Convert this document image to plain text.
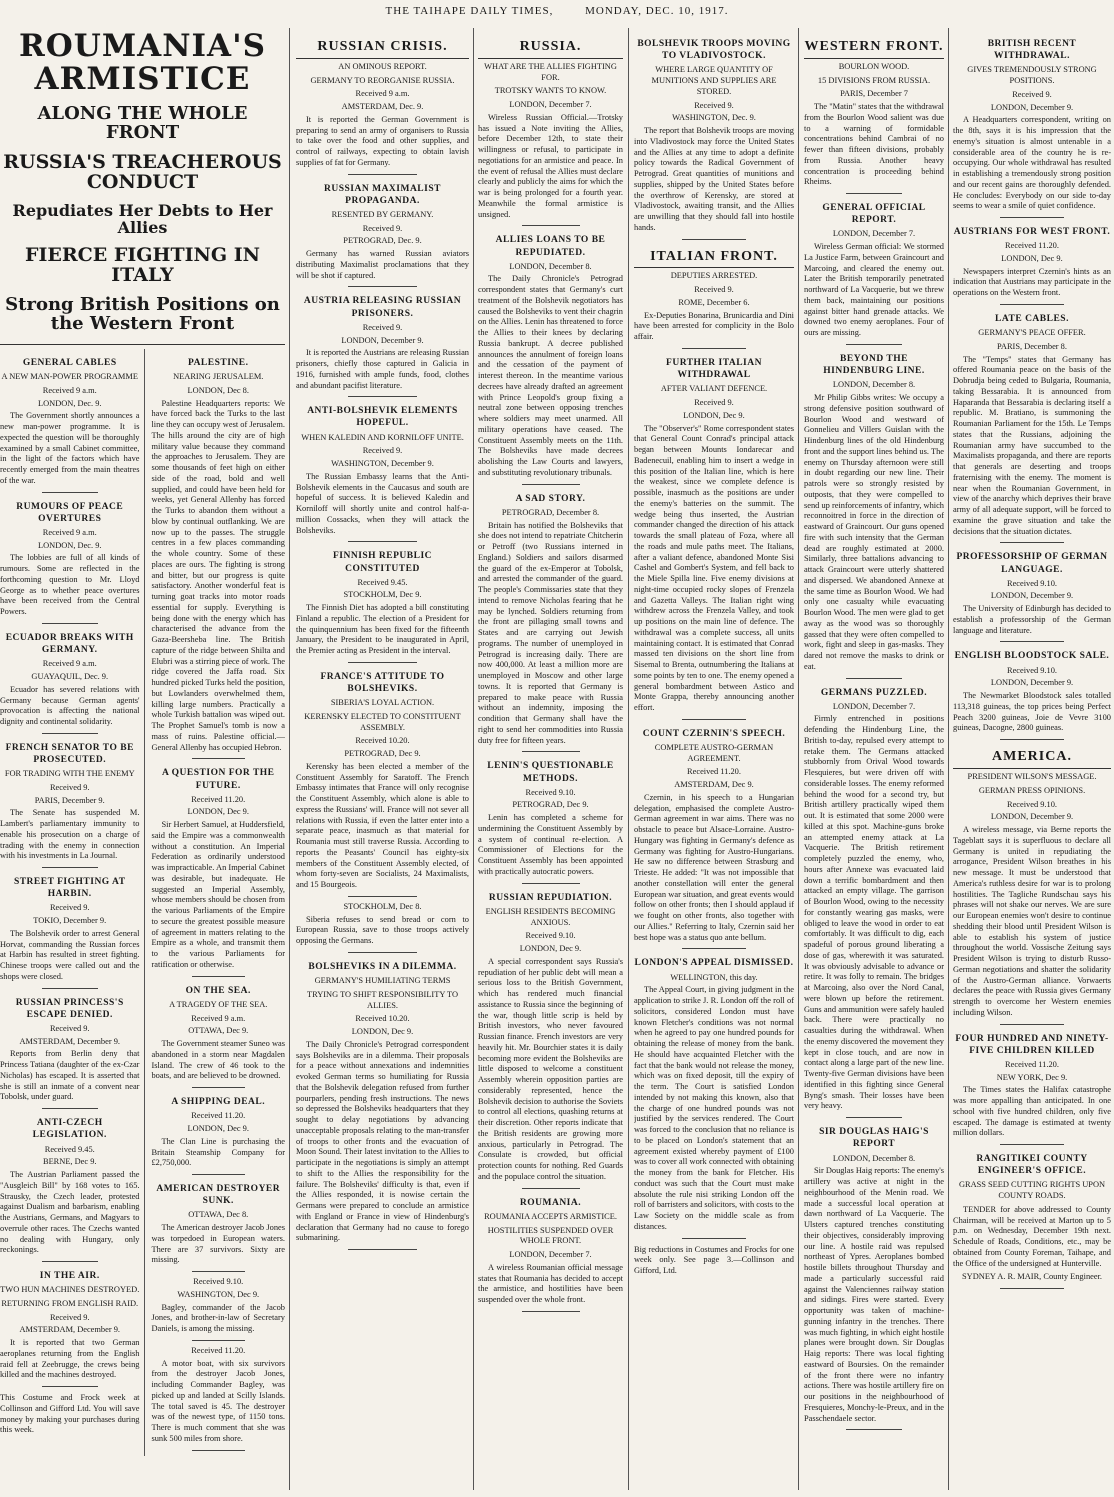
THE TAIHAPE DAILY TIMES,	MONDAY, DEC. 10, 1917.
ROUMANIA'S ARMISTICE
ALONG THE WHOLE FRONT
RUSSIA'S TREACHEROUS CONDUCT
Repudiates Her Debts to Her Allies
FIERCE FIGHTING IN ITALY
Strong British Positions on the Western Front
GENERAL CABLES
A NEW MAN-POWER PROGRAMME
Received 9 a.m.
LONDON, Dec. 9.

The Government shortly announces a new man-power programme. It is expected the question will be thoroughly examined by a small Cabinet committee, in the light of the factors which have recently emerged from the main theatres of the war.

RUMOURS OF PEACE OVERTURES
Received 9 a.m.
LONDON, Dec. 9.

The lobbies are full of all kinds of rumours. Some are reflected in the forthcoming question to Mr. Lloyd George as to whether peace overtures have been received from the Central Powers.

ECUADOR BREAKS WITH GERMANY.
Received 9 a.m.
GUAYAQUIL, Dec. 9.

Ecuador has severed relations with Germany because German agents' provocation is affecting the national dignity and continental solidarity.

FRENCH SENATOR TO BE PROSECUTED.
FOR TRADING WITH THE ENEMY
Received 9.
PARIS, December 9.

The Senate has suspended M. Lambert's parliamentary immunity to enable his prosecution on a charge of trading with the enemy in connection with his investments in La Journal.

STREET FIGHTING AT HARBIN.
Received 9.
TOKIO, December 9.

The Bolshevik order to arrest General Horvat, commanding the Russian forces at Harbin has resulted in street fighting. Chinese troops were called out and the shops were closed.

RUSSIAN PRINCESS'S ESCAPE DENIED.
Received 9.
AMSTERDAM, December 9.

Reports from Berlin deny that Princess Tatiana (daughter of the ex-Czar Nicholas) has escaped. It is asserted that she is still an inmate of a convent near Tobolsk, under guard.

ANTI-CZECH LEGISLATION.
Received 9.45.
BERNE, Dec 9.

The Austrian Parliament passed the "Ausgleich Bill" by 168 votes to 165. Strausky, the Czech leader, protested against Dualism and barbarism, enabling the Austrians, Germans, and Magyars to overrule other races. The Czechs wanted no dealing with Hungary, only reckonings.

IN THE AIR.
TWO HUN MACHINES DESTROYED.
RETURNING FROM ENGLISH RAID.
Received 9.
AMSTERDAM, December 9.

It is reported that two German aeroplanes returning from the English raid fell at Zeebrugge, the crews being killed and the machines destroyed.

This Costume and Frock week at Collinson and Gifford Ltd. You will save money by making your purchases during this week.
PALESTINE.
NEARING JERUSALEM.
LONDON, Dec 8.

Palestine Headquarters reports: We have forced back the Turks to the last line they can occupy west of Jerusalem. The hills around the city are of high military value because they command the approaches to Jerusalem. They are some thousands of feet high on either side of the road, bold and well supplied, and could have been held for weeks, yet General Allenby has forced the Turks to abandon them without a blow by continual outflanking. We are now up to the passes. The struggle centres in a few places commanding the whole country. Some of these places are ours. The fighting is strong and bitter, but our progress is quite satisfactory. Another wonderful feat is turning goat tracks into motor roads essential for supply. Everything is being done with the energy which has characterised the advance from the Gaza-Beersheba line. The British capture of the ridge between Shilta and Elubri was a stirring piece of work. The ridge covered the Jaffa road. Six hundred picked Turks held the position, but Lowlanders overwhelmed them, killing large numbers. Practically a whole Turkish battalion was wiped out. The Prophet Samuel's tomb is now a mass of ruins. Palestine official.—General Allenby has occupied Hebron.

A QUESTION FOR THE FUTURE.
Received 11.20.
LONDON, Dec 9.

Sir Herbert Samuel, at Huddersfield, said the Empire was a commonwealth without a constitution. An Imperial Federation as ordinarily understood was impracticable. An Imperial Cabinet was desirable, but inadequate. He suggested an Imperial Assembly, whose members should be chosen from the various Parliaments of the Empire to secure the greatest possible measure of agreement in matters relating to the Empire as a whole, and transmit them to the various Parliaments for ratification or otherwise.

ON THE SEA.
A TRAGEDY OF THE SEA.
Received 9 a.m.
OTTAWA, Dec 9.

The Government steamer Suneo was abandoned in a storm near Magdalen Island. The crew of 46 took to the boats, and are believed to be drowned.

A SHIPPING DEAL.
Received 11.20.
LONDON, Dec 9.

The Clan Line is purchasing the Britain Steamship Company for £2,750,000.

AMERICAN DESTROYER SUNK.
OTTAWA, Dec 8.

The American destroyer Jacob Jones was torpedoed in European waters. There are 37 survivors. Sixty are missing.

Received 9.10.
WASHINGTON, Dec 9.

Bagley, commander of the Jacob Jones, and brother-in-law of Secretary Daniels, is among the missing.

Received 11.20.

A motor boat, with six survivors from the destroyer Jacob Jones, including Commander Bagley, was picked up and landed at Scilly Islands. The total saved is 45. The destroyer was of the newest type, of 1150 tons. There is much comment that she was sunk 500 miles from shore.

RUSSIAN CRISIS.
AN OMINOUS REPORT.
GERMANY TO REORGANISE RUSSIA.
Received 9 a.m.
AMSTERDAM, Dec. 9.

It is reported the German Government is preparing to send an army of organisers to Russia to take over the food and other supplies, and control of railways, expecting to obtain lavish supplies of fat for Germany.

RUSSIAN MAXIMALIST PROPAGANDA.
RESENTED BY GERMANY.
Received 9.
PETROGRAD, Dec. 9.

Germany has warned Russian aviators distributing Maximalist proclamations that they will be shot if captured.

AUSTRIA RELEASING RUSSIAN PRISONERS.
Received 9.
LONDON, December 9.

It is reported the Austrians are releasing Russian prisoners, chiefly those captured in Galicia in 1916, furnished with ample funds, food, clothes and abundant pacifist literature.

ANTI-BOLSHEVIK ELEMENTS HOPEFUL.
WHEN KALEDIN AND KORNILOFF UNITE.
Received 9.
WASHINGTON, December 9.

The Russian Embassy learns that the Anti-Bolshevik elements in the Caucasus and south are hopeful of success. It is believed Kaledin and Korniloff will shortly unite and control half-a-million Cossacks, when they will attack the Bolsheviks.

FINNISH REPUBLIC CONSTITUTED
Received 9.45.
STOCKHOLM, Dec 9.

The Finnish Diet has adopted a bill constituting Finland a republic. The election of a President for the quinquennium has been fixed for the fifteenth January, the President to be inaugurated in April, the Premier acting as President in the interval.

FRANCE'S ATTITUDE TO BOLSHEVIKS.
SIBERIA'S LOYAL ACTION.
KERENSKY ELECTED TO CONSTITUENT ASSEMBLY.
Received 10.20.
PETROGRAD, Dec 9.

Kerensky has been elected a member of the Constituent Assembly for Saratoff. The French Embassy intimates that France will only recognise the Constituent Assembly, which alone is able to express the Russians' will. France will not sever all relations with Russia, if even the latter enter into a separate peace, inasmuch as that material for Roumania must still traverse Russia. According to reports the Peasants' Council has eighty-six members of the Constituent Assembly elected, of whom forty-seven are Socialists, 24 Maximalists, and 15 Bourgeois.

STOCKHOLM, Dec 8.

Siberia refuses to send bread or corn to European Russia, save to those troops actively opposing the Germans.

BOLSHEVIKS IN A DILEMMA.
GERMANY'S HUMILIATING TERMS
TRYING TO SHIFT RESPONSIBILITY TO ALLIES.
Received 10.20.
LONDON, Dec 9.

The Daily Chronicle's Petrograd correspondent says Bolsheviks are in a dilemma. Their proposals for a peace without annexations and indemnities evoked German terms so humiliating for Russia that the Bolshevik delegation refused from further pourparlers, pending fresh instructions. The news so depressed the Bolsheviks headquarters that they sought to delay negotiations by advancing unacceptable proposals relating to the man-transfer of troops to other fronts and the evacuation of Moon Sound. Their latest invitation to the Allies to participate in the negotiations is simply an attempt to shift to the Allies the responsibility for the failure. The Bolsheviks' difficulty is that, even if the Allies responded, it is nowise certain the Germans were prepared to conclude an armistice with England or France in view of Hindenburg's declaration that Germany had no cause to forego submarining.

RUSSIA.
WHAT ARE THE ALLIES FIGHTING FOR.
TROTSKY WANTS TO KNOW.
LONDON, December 7.

Wireless Russian Official.—Trotsky has issued a Note inviting the Allies, before December 12th, to state their willingness or refusal, to participate in negotiations for an armistice and peace. In the event of refusal the Allies must declare clearly and publicly the aims for which the war is being prolonged for a fourth year. Meanwhile the formal armistice is unsigned.

ALLIES LOANS TO BE REPUDIATED.
LONDON, December 8.

The Daily Chronicle's Petrograd correspondent states that Germany's curt treatment of the Bolshevik negotiators has caused the Bolsheviks to vent their chagrin on the Allies. Lenin has threatened to force the Allies to their knees by declaring Russia bankrupt. A decree published announces the annulment of foreign loans and the cessation of the payment of interest thereon. In the meantime various decrees have already drafted an agreement with Prince Leopold's group fixing a neutral zone between opposing trenches where soldiers may meet unarmed. All military operations have ceased. The Constituent Assembly meets on the 11th. The Bolsheviks have made decrees abolishing the Law Courts and lawyers, and substituting revolutionary tribunals.

A SAD STORY.
PETROGRAD, December 8.

Britain has notified the Bolsheviks that she does not intend to repatriate Chitcherin or Petroff (two Russians interned in England.) Soldiers and sailors disarmed the guard of the ex-Emperor at Tobolsk, and arrested the commander of the guard. The people's Commissaries state that they intend to remove Nicholas fearing that he may be lynched. Soldiers returning from the front are pillaging small towns and States and are carrying out Jewish programs. The number of unemployed in Petrograd is increasing daily. There are now 400,000. At least a million more are unemployed in Moscow and other large towns. It is reported that Germany is prepared to make peace with Russia without an indemnity, imposing the condition that Germany shall have the right to send her commodities into Russia duty free for fifteen years.

LENIN'S QUESTIONABLE METHODS.
Received 9.10.
PETROGRAD, Dec 9.

Lenin has completed a scheme for undermining the Constituent Assembly by a system of continual re-election. A Commissioner of Elections for the Constituent Assembly has been appointed with practically autocratic powers.

RUSSIAN REPUDIATION.
ENGLISH RESIDENTS BECOMING ANXIOUS.
Received 9.10.
LONDON, Dec 9.

A special correspondent says Russia's repudiation of her public debt will mean a serious loss to the British Government, which has rendered much financial assistance to Russia since the beginning of the war, though little scrip is held by British investors, who never favoured Russian finance. French investors are very heavily hit. Mr. Bourchier states it is daily becoming more evident the Bolsheviks are little disposed to welcome a constituent Assembly wherein opposition parties are considerably represented, hence the Bolshevik decision to authorise the Soviets to control all elections, quashing returns at their discretion. Other reports indicate that the British residents are growing more anxious, particularly in Petrograd. The Consulate is crowded, but official protection counts for nothing. Red Guards and the populace control the situation.

ROUMANIA.
ROUMANIA ACCEPTS ARMISTICE.
HOSTILITIES SUSPENDED OVER WHOLE FRONT.
LONDON, December 7.

A wireless Roumanian official message states that Roumania has decided to accept the armistice, and hostilities have been suspended over the whole front.

BOLSHEVIK TROOPS MOVING TO VLADIVOSTOCK.
WHERE LARGE QUANTITY OF MUNITIONS AND SUPPLIES ARE STORED.
Received 9.
WASHINGTON, Dec. 9.

The report that Bolshevik troops are moving into Vladivostock may force the United States and the Allies at any time to adopt a definite policy towards the Radical Government of Petrograd. Great quantities of munitions and supplies, shipped by the United States before the overthrow of Kerensky, are stored at Vladivostock, awaiting transit, and the Allies are unwilling that they should fall into hostile hands.

ITALIAN FRONT.
DEPUTIES ARRESTED.
Received 9.
ROME, December 6.

Ex-Deputies Bonarina, Brunicardia and Dini have been arrested for complicity in the Bolo affair.

FURTHER ITALIAN WITHDRAWAL
AFTER VALIANT DEFENCE.
Received 9.
LONDON, Dec 9.

The "Observer's" Rome correspondent states that General Count Conrad's principal attack began between Mounts Iondarecar and Badenecuil, enabling him to insert a wedge in this position of the Italian line, which is here the weakest, since we complete defence is possible, inasmuch as the positions are under the enemy's batteries on the summit. The wedge being thus inserted, the Austrian commander changed the direction of his attack towards the small plateau of Foza, where all the roads and mule paths meet. The Italians, after a valiant defence, abandoned Monte Sisi Cashel and Gombert's System, and fell back to the Miele Spilla line. Five enemy divisions at night-time occupied rocky slopes of Frenzela and Gazetta Valleys. The Italian right wing withdrew across the Frenzela Valley, and took up positions on the main line of defence. The withdrawal was a complete success, all units maintaining contact. It is estimated that Conrad massed ten divisions on the short line from Sisemal to Brenta, outnumbering the Italians at some points by ten to one. The enemy opened a general bombardment between Astico and Monte Grappa, thereby announcing another effort.

COUNT CZERNIN'S SPEECH.
COMPLETE AUSTRO-GERMAN AGREEMENT.
Received 11.20.
AMSTERDAM, Dec 9.

Czernin, in his speech to a Hungarian delegation, emphasised the complete Austro-German agreement in war aims. There was no obstacle to peace but Alsace-Lorraine. Austro-Hungary was fighting in Germany's defence as Germany was fighting for Austro-Hungarians. He saw no difference between Strasburg and Trieste. He added: "It was not impossible that another constellation will enter the general European war situation, and great events would follow on other fronts; then I should applaud if we fought on other fronts, also together with our Allies." Referring to Italy, Czernin said her best hope was a status quo ante bellum.

LONDON'S APPEAL DISMISSED.
WELLINGTON, this day.

The Appeal Court, in giving judgment in the application to strike J. R. London off the roll of solicitors, considered London must have known Fletcher's conditions was not normal when he agreed to pay one hundred pounds for obtaining the release of money from the bank. He should have acquainted Fletcher with the fact that the bank would not release the money, which was on fixed deposit, till the expiry of the term. The Court is satisfied London intended by not making this known, also that the charge of one hundred pounds was not justified by the services rendered. The Court was forced to the conclusion that no reliance is to be placed on London's statement that an agreement existed whereby payment of £100 was to cover all work connected with obtaining the money from the bank for Fletcher. His conduct was such that the Court must make absolute the rule nisi striking London off the roll of barristers and solicitors, with costs to the Law Society on the middle scale as from distances.

Big reductions in Costumes and Frocks for one week only. See page 3.—Collinson and Gifford, Ltd.
WESTERN FRONT.
BOURLON WOOD.
15 DIVISIONS FROM RUSSIA.
PARIS, December 7

The "Matin" states that the withdrawal from the Bourlon Wood salient was due to a warning of formidable concentrations behind Cambrai of no fewer than fifteen divisions, probably from Russia. Another heavy concentration is proceeding behind Rheims.

GENERAL OFFICIAL REPORT.
LONDON, December 7.

Wireless German official: We stormed La Justice Farm, between Graincourt and Marcoing, and cleared the enemy out. Later the British temporarily penetrated northward of La Vacquerie, but we threw them back, maintaining our positions against bitter hand grenade attacks. We downed two enemy aeroplanes. Four of ours are missing.

BEYOND THE HINDENBURG LINE.
LONDON, December 8.

Mr Philip Gibbs writes: We occupy a strong defensive position southward of Bourlon Wood and westward of Gonnelieu and Villers Guislan with the Hindenburg lines of the old Hindenburg front and the support lines behind us. The enemy on Thursday afternoon were still in doubt regarding our new line. Their patrols were so strongly resisted by outposts, that they were compelled to send up reinforcements of infantry, which reconnoitred in force in the direction of eastward of Graincourt. Our guns opened fire with such intensity that the German dead are roughly estimated at 2000. Similarly, three battalions advancing to attack Graincourt were utterly shattered and dispersed. We abandoned Annexe at the same time as Bourlon Wood. We had only one casualty while evacuating Bourlon Wood. The men were glad to get away as the wood was so thoroughly gassed that they were often compelled to work, fight and sleep in gas-masks. They dared not remove the masks to drink or eat.

GERMANS PUZZLED.
LONDON, December 7.

Firmly entrenched in positions defending the Hindenburg Line, the British to-day, repulsed every attempt to retake them. The Germans attacked stubbornly from Orival Wood towards Flesquieres, but were driven off with considerable losses. The enemy reformed behind the wood for a second try, but British artillery practically wiped them out. It is estimated that some 2000 were killed at this spot. Machine-guns broke an attempted enemy attack at La Vacquerie. The British retirement completely puzzled the enemy, who, hours after Annexe was evacuated laid down a terrific bombardment and then attacked an empty village. The garrison of Bourlon Wood, owing to the necessity for constantly wearing gas masks, were obliged to leave the wood in order to eat comfortably. It was difficult to dig, each spadeful of porous ground liberating a dose of gas, wherewith it was saturated. It was obviously advisable to advance or retire. It was folly to remain. The bridges at Marcoing, also over the Nord Canal, were blown up before the retirement. Guns and ammunition were safely hauled back. There were practically no casualties during the withdrawal. When the enemy discovered the movement they kept in close touch, and are now in contact along a large part of the new line. Twenty-five German divisions have been identified in this fighting since General Byng's smash. Their losses have been very heavy.

SIR DOUGLAS HAIG'S REPORT
LONDON, December 8.

Sir Douglas Haig reports: The enemy's artillery was active at night in the neighbourhood of the Menin road. We made a successful local operation at dawn northward of La Vacquerie. The Ulsters captured trenches constituting their objectives, considerably improving our line. A hostile raid was repulsed northeast of Ypres. Aeroplanes bombed hostile billets throughout Thursday and made a particularly successful raid against the Valenciennes railway station and sidings. Fires were started. Every opportunity was taken of machine-gunning infantry in the trenches. There was much fighting, in which eight hostile planes were brought down. Sir Douglas Haig reports: There was local fighting eastward of Boursies. On the remainder of the front there were no infantry actions. There was hostile artillery fire on our positions in the neighbourhood of Fresquieres, Monchy-le-Preux, and in the Passchendaele sector.

BRITISH RECENT WITHDRAWAL.
GIVES TREMENDOUSLY STRONG POSITIONS.
Received 9.
LONDON, December 9.

A Headquarters correspondent, writing on the 8th, says it is his impression that the enemy's situation is almost untenable in a considerable area of the country he is re-occupying. Our whole withdrawal has resulted in establishing a tremendously strong position and our recent gains are thoroughly defended. He concludes: Everybody on our side to-day seems to wear a smile of quiet confidence.

AUSTRIANS FOR WEST FRONT.
Received 11.20.
LONDON, Dec 9.

Newspapers interpret Czernin's hints as an indication that Austrians may participate in the operations on the Western front.

LATE CABLES.
GERMANY'S PEACE OFFER.
PARIS, December 8.

The "Temps" states that Germany has offered Roumania peace on the basis of the Dobrudja being ceded to Bulgaria, Roumania, taking Bessarabia. It is announced from Haparanda that Bessarabia is declaring itself a republic. M. Bratiano, is summoning the Roumanian Parliament for the 15th. Le Temps states that the Russians, adjoining the Roumanian army have succumbed to the Maximalists propaganda, and there are reports that generals are deserting and troops fraternising with the enemy. The moment is near when the Roumanian Government, in view of the anarchy which deprives their brave army of all adequate support, will be forced to examine the grave situation and take the decisions that the situation dictates.

PROFESSORSHIP OF GERMAN LANGUAGE.
Received 9.10.
LONDON, December 9.

The University of Edinburgh has decided to establish a professorship of the German language and literature.

ENGLISH BLOODSTOCK SALE.
Received 9.10.
LONDON, December 9.

The Newmarket Bloodstock sales totalled 113,318 guineas, the top prices being Perfect Peach 3200 guineas, Joie de Vevre 3100 guineas, Dacogne, 2800 guineas.

AMERICA.
PRESIDENT WILSON'S MESSAGE.
GERMAN PRESS OPINIONS.
Received 9.10.
LONDON, December 9.

A wireless message, via Berne reports the Tageblatt says it is superfluous to declare all Germany is united in repudiating the arrogance, President Wilson breathes in his new message. It must be understood that America's ruthless desire for war is to prolong hostilities. The Tagliche Rundschau says his phrases will not shake our nerves. We are sure our European enemies won't desire to continue shedding their blood until President Wilson is able to establish his system of justice throughout the world. Vossische Zeitung says President Wilson is trying to disturb Russo-German negotiations and shatter the solidarity of the Austro-German alliance. Vorwaerts declares the peace with Russia gives Germany strength to overcome her Western enemies including Wilson.

FOUR HUNDRED AND NINETY-FIVE CHILDREN KILLED
Received 11.20.
NEW YORK, Dec 9.

The Times states the Halifax catastrophe was more appalling than anticipated. In one school with five hundred children, only five escaped. The damage is estimated at twenty million dollars.

RANGITIKEI COUNTY ENGINEER'S OFFICE.
GRASS SEED CUTTING RIGHTS UPON COUNTY ROADS.

TENDER for above addressed to County Chairman, will be received at Marton up to 5 p.m. on Wednesday, December 19th next. Schedule of Roads, Conditions, etc., may be obtained from County Foreman, Taihape, and the Office of the undersigned at Hunterville.

SYDNEY A. R. MAIR, County Engineer.
